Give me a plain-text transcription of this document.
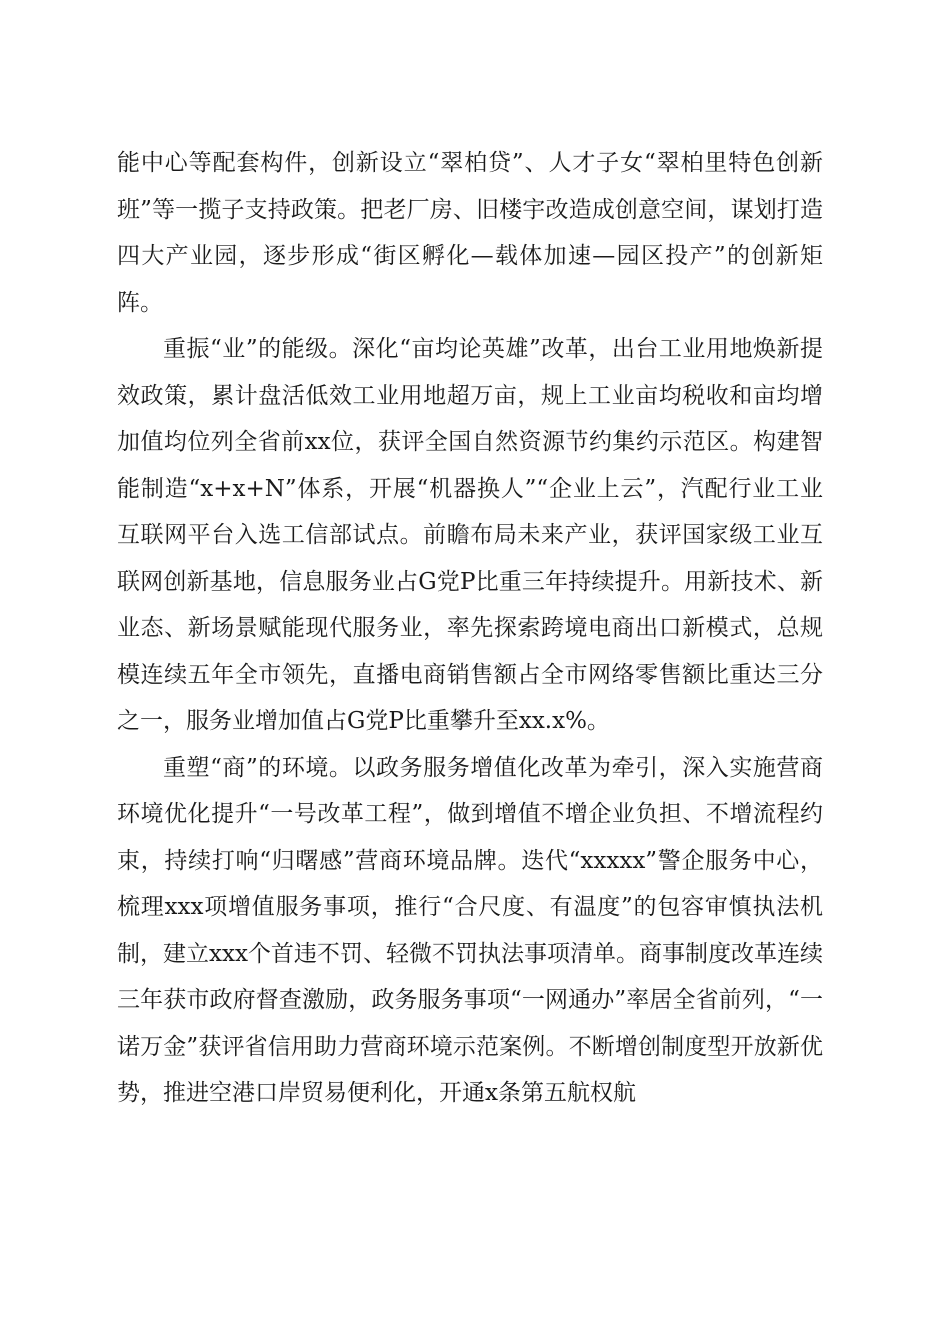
能中心等配套构件，创新设立“翠柏贷”、人才子女“翠柏里特色创新班”等一揽子支持政策。把老厂房、旧楼宇改造成创意空间，谋划打造四大产业园，逐步形成“街区孵化—载体加速—园区投产”的创新矩阵。

重振“业”的能级。深化“亩均论英雄”改革，出台工业用地焕新提效政策，累计盘活低效工业用地超万亩，规上工业亩均税收和亩均增加值均位列全省前xx位，获评全国自然资源节约集约示范区。构建智能制造“x+x+N”体系，开展“机器换人”“企业上云”，汽配行业工业互联网平台入选工信部试点。前瞻布局未来产业，获评国家级工业互联网创新基地，信息服务业占G党P比重三年持续提升。用新技术、新业态、新场景赋能现代服务业，率先探索跨境电商出口新模式，总规模连续五年全市领先，直播电商销售额占全市网络零售额比重达三分之一，服务业增加值占G党P比重攀升至xx.x%。

重塑“商”的环境。以政务服务增值化改革为牵引，深入实施营商环境优化提升“一号改革工程”，做到增值不增企业负担、不增流程约束，持续打响“归曙感”营商环境品牌。迭代“xxxxx”警企服务中心，梳理xxx项增值服务事项，推行“合尺度、有温度”的包容审慎执法机制，建立xxx个首违不罚、轻微不罚执法事项清单。商事制度改革连续三年获市政府督查激励，政务服务事项“一网通办”率居全省前列，“一诺万金”获评省信用助力营商环境示范案例。不断增创制度型开放新优势，推进空港口岸贸易便利化，开通x条第五航权航
